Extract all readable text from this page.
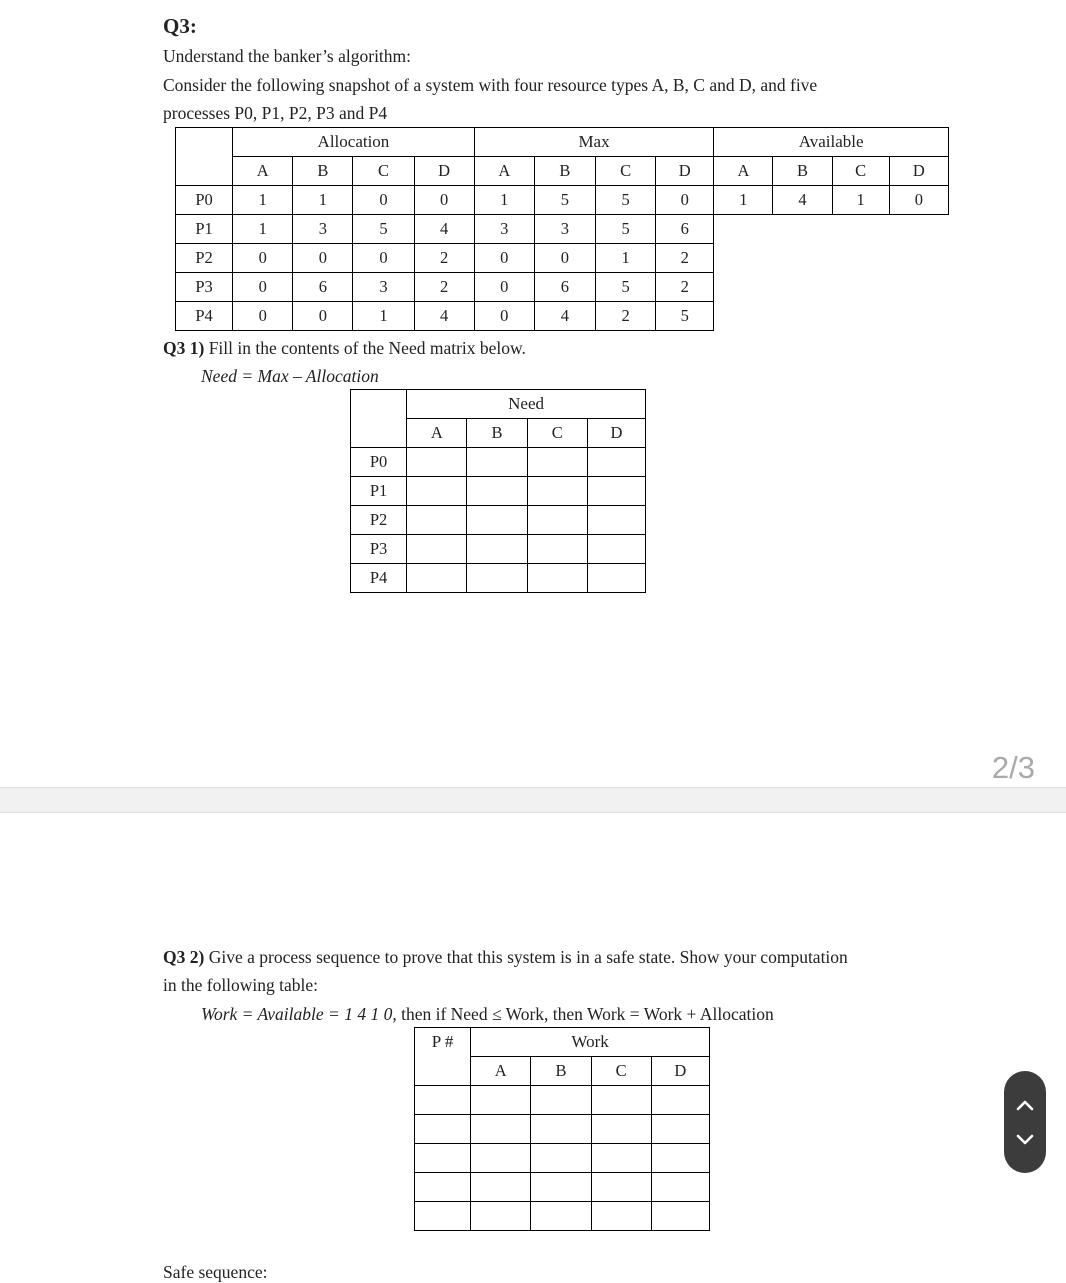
Q3:
Understand the banker’s algorithm:
Consider the following snapshot of a system with four resource types A, B, C and D, and five
processes P0, P1, P2, P3 and P4
	Allocation				Max				Available			
	A	B	C	D	A	B	C	D	A	B	C	D
P0	1	1	0	0	1	5	5	0	1	4	1	0
P1	1	3	5	4	3	3	5	6				
P2	0	0	0	2	0	0	1	2				
P3	0	6	3	2	0	6	5	2				
P4	0	0	1	4	0	4	2	5				
Q3 1) Fill in the contents of the Need matrix below.
Need = Max – Allocation
	Need			
	A	B	C	D
P0				
P1				
P2				
P3				
P4				
2/3
Q3 2) Give a process sequence to prove that this system is in a safe state. Show your computation
in the following table:
Work = Available = 1 4 1 0, then if Need ≤ Work, then Work = Work + Allocation
P #	Work			
	A	B	C	D

Safe sequence:
